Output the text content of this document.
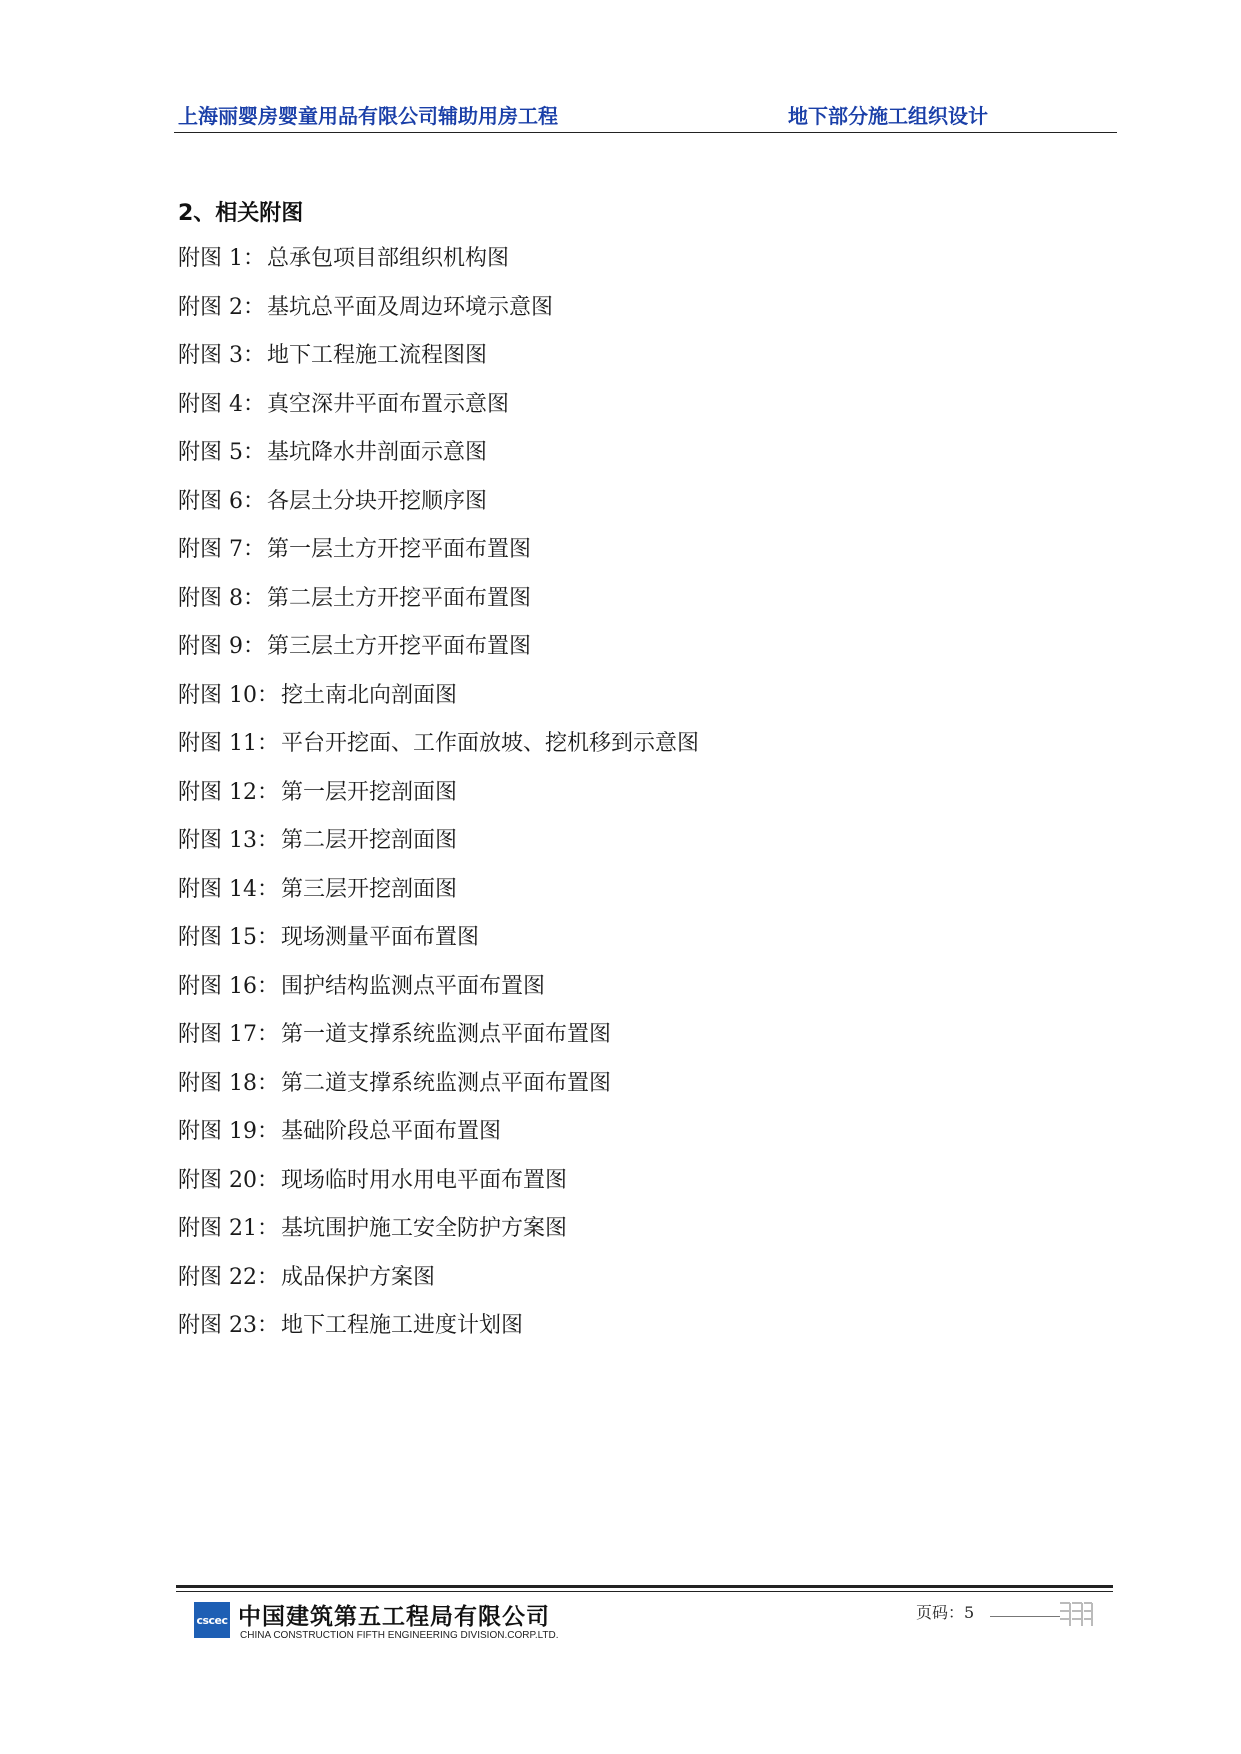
上海丽婴房婴童用品有限公司辅助用房工程	地下部分施工组织设计
2、相关附图
附图 1：总承包项目部组织机构图
附图 2：基坑总平面及周边环境示意图
附图 3：地下工程施工流程图图
附图 4：真空深井平面布置示意图
附图 5：基坑降水井剖面示意图
附图 6：各层土分块开挖顺序图
附图 7：第一层土方开挖平面布置图
附图 8：第二层土方开挖平面布置图
附图 9：第三层土方开挖平面布置图
附图 10：挖土南北向剖面图
附图 11：平台开挖面、工作面放坡、挖机移到示意图
附图 12：第一层开挖剖面图
附图 13：第二层开挖剖面图
附图 14：第三层开挖剖面图
附图 15：现场测量平面布置图
附图 16：围护结构监测点平面布置图
附图 17：第一道支撑系统监测点平面布置图
附图 18：第二道支撑系统监测点平面布置图
附图 19：基础阶段总平面布置图
附图 20：现场临时用水用电平面布置图
附图 21：基坑围护施工安全防护方案图
附图 22：成品保护方案图
附图 23：地下工程施工进度计划图
cscec 中国建筑第五工程局有限公司
CHINA CONSTRUCTION FIFTH ENGINEERING DIVISION.CORP.LTD.
页码：5
